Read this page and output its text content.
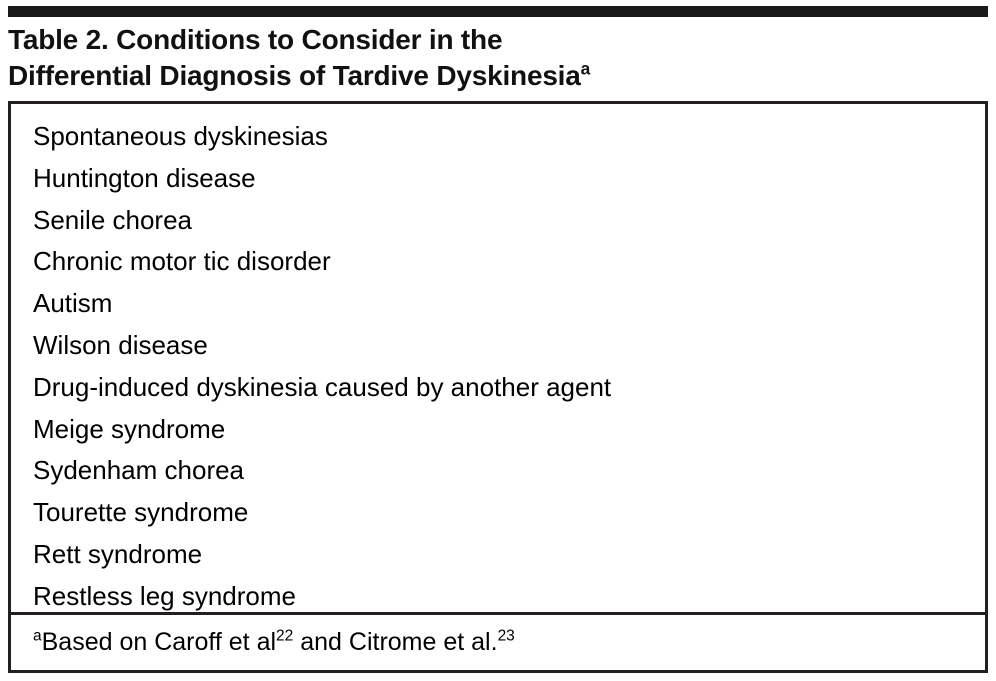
Table 2. Conditions to Consider in the
Differential Diagnosis of Tardive Dyskinesia$^a$
Spontaneous dyskinesias
Huntington disease
Senile chorea
Chronic motor tic disorder
Autism
Wilson disease
Drug-induced dyskinesia caused by another agent
Meige syndrome
Sydenham chorea
Tourette syndrome
Rett syndrome
Restless leg syndrome
$^a$Based on Caroff et $al^{22}$ and Citrome et al.$^{23}$
